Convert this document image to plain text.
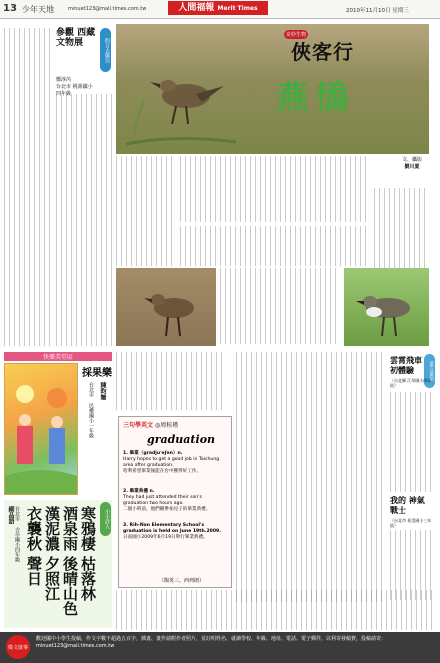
13 少年天地	minuet123@mail.times.com.tw	人間福報 Merit Times	2010年11月10日 星期三
假日去哪兒
參觀 西藏文物展
鄭淳芮
台北市 桃源國小四年級
奇妙生物
俠客行
燕鴴
文、攝影
劉川夏
快樂美勞區
採果樂
陳昀姍
台北市 民權國小一年級
小小詩人
寒鴉棲
枯落林
酒泉雨
後晴山色
漢泥濃
夕照江
衣襲秋
聲日
細品語 台北市 古亭國小四年級
三句學英文 ◎周桂瑾
graduation
1. 畢業（gradjuˈeʃən）n.
Harry hopes to get a good job in Taichung area after graduation.
哈利希望畢業後能在台中獲得好工作。
2. 畢業典禮 n.
They had just attended their son's graduation two hours ago.
二個小時前，他們剛參加兒子的畢業典禮。
3. Rih-Nan Elementary School's graduation is held on June 19th.2009.
日南國小2009年6月19日舉行畢業典禮。
（陶英三、西列朗）
童言童語
雲霄飛車 初體驗
（台北縣 江翠國小四年級）
我的 神氣戰士
（台北市 景美國小三年級）
徵文啟事
歡迎國中小學生投稿，作文字數不超過五百字，插畫、畫作請附作者照片，並註明姓名、就讀學校、年級、地址、電話、電子郵件，以利寄發稿費，投稿請寄：minuet123@mail.times.com.tw
